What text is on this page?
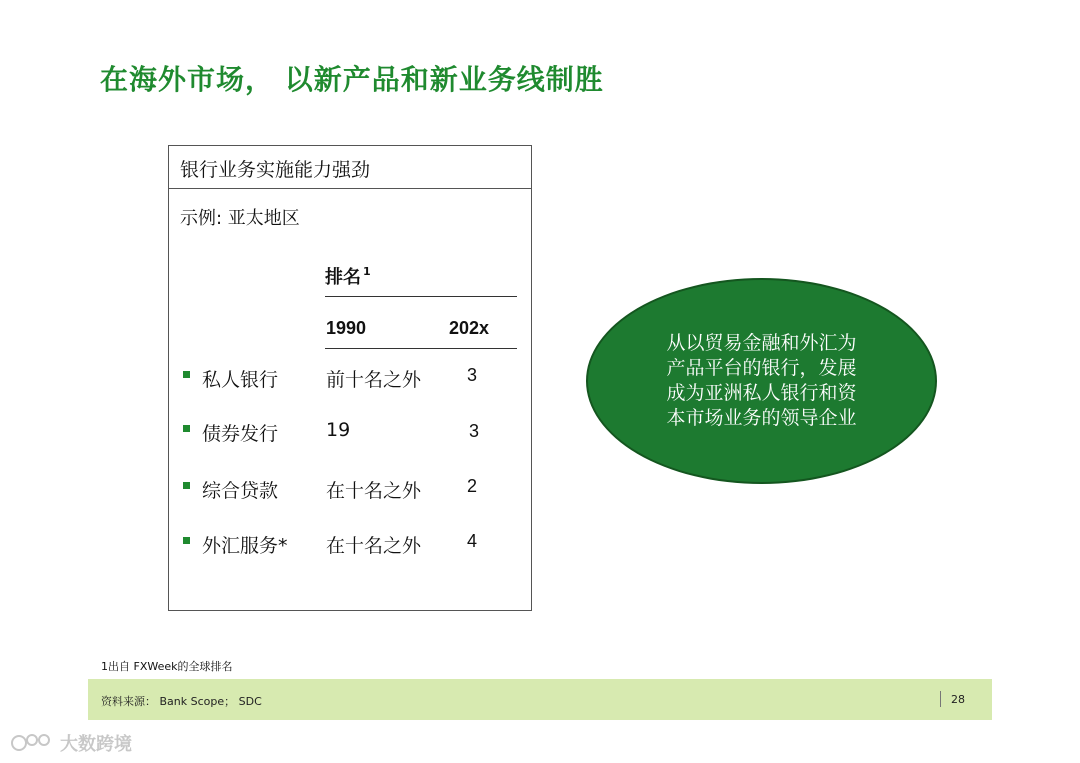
在海外市场， 以新产品和新业务线制胜
银行业务实施能力强劲
示例: 亚太地区
排名 $^1$
1990	202x
私人银行	前十名之外	3
债券发行	19	3
综合贷款	在十名之外	2
外汇服务* 在十名之外	4
从以贸易金融和外汇为
产品平台的银行，发展
成为亚洲私人银行和资
本市场业务的领导企业
1出自 FXWeek的全球排名
资料来源： Bank Scope； SDC	28
大数跨境
